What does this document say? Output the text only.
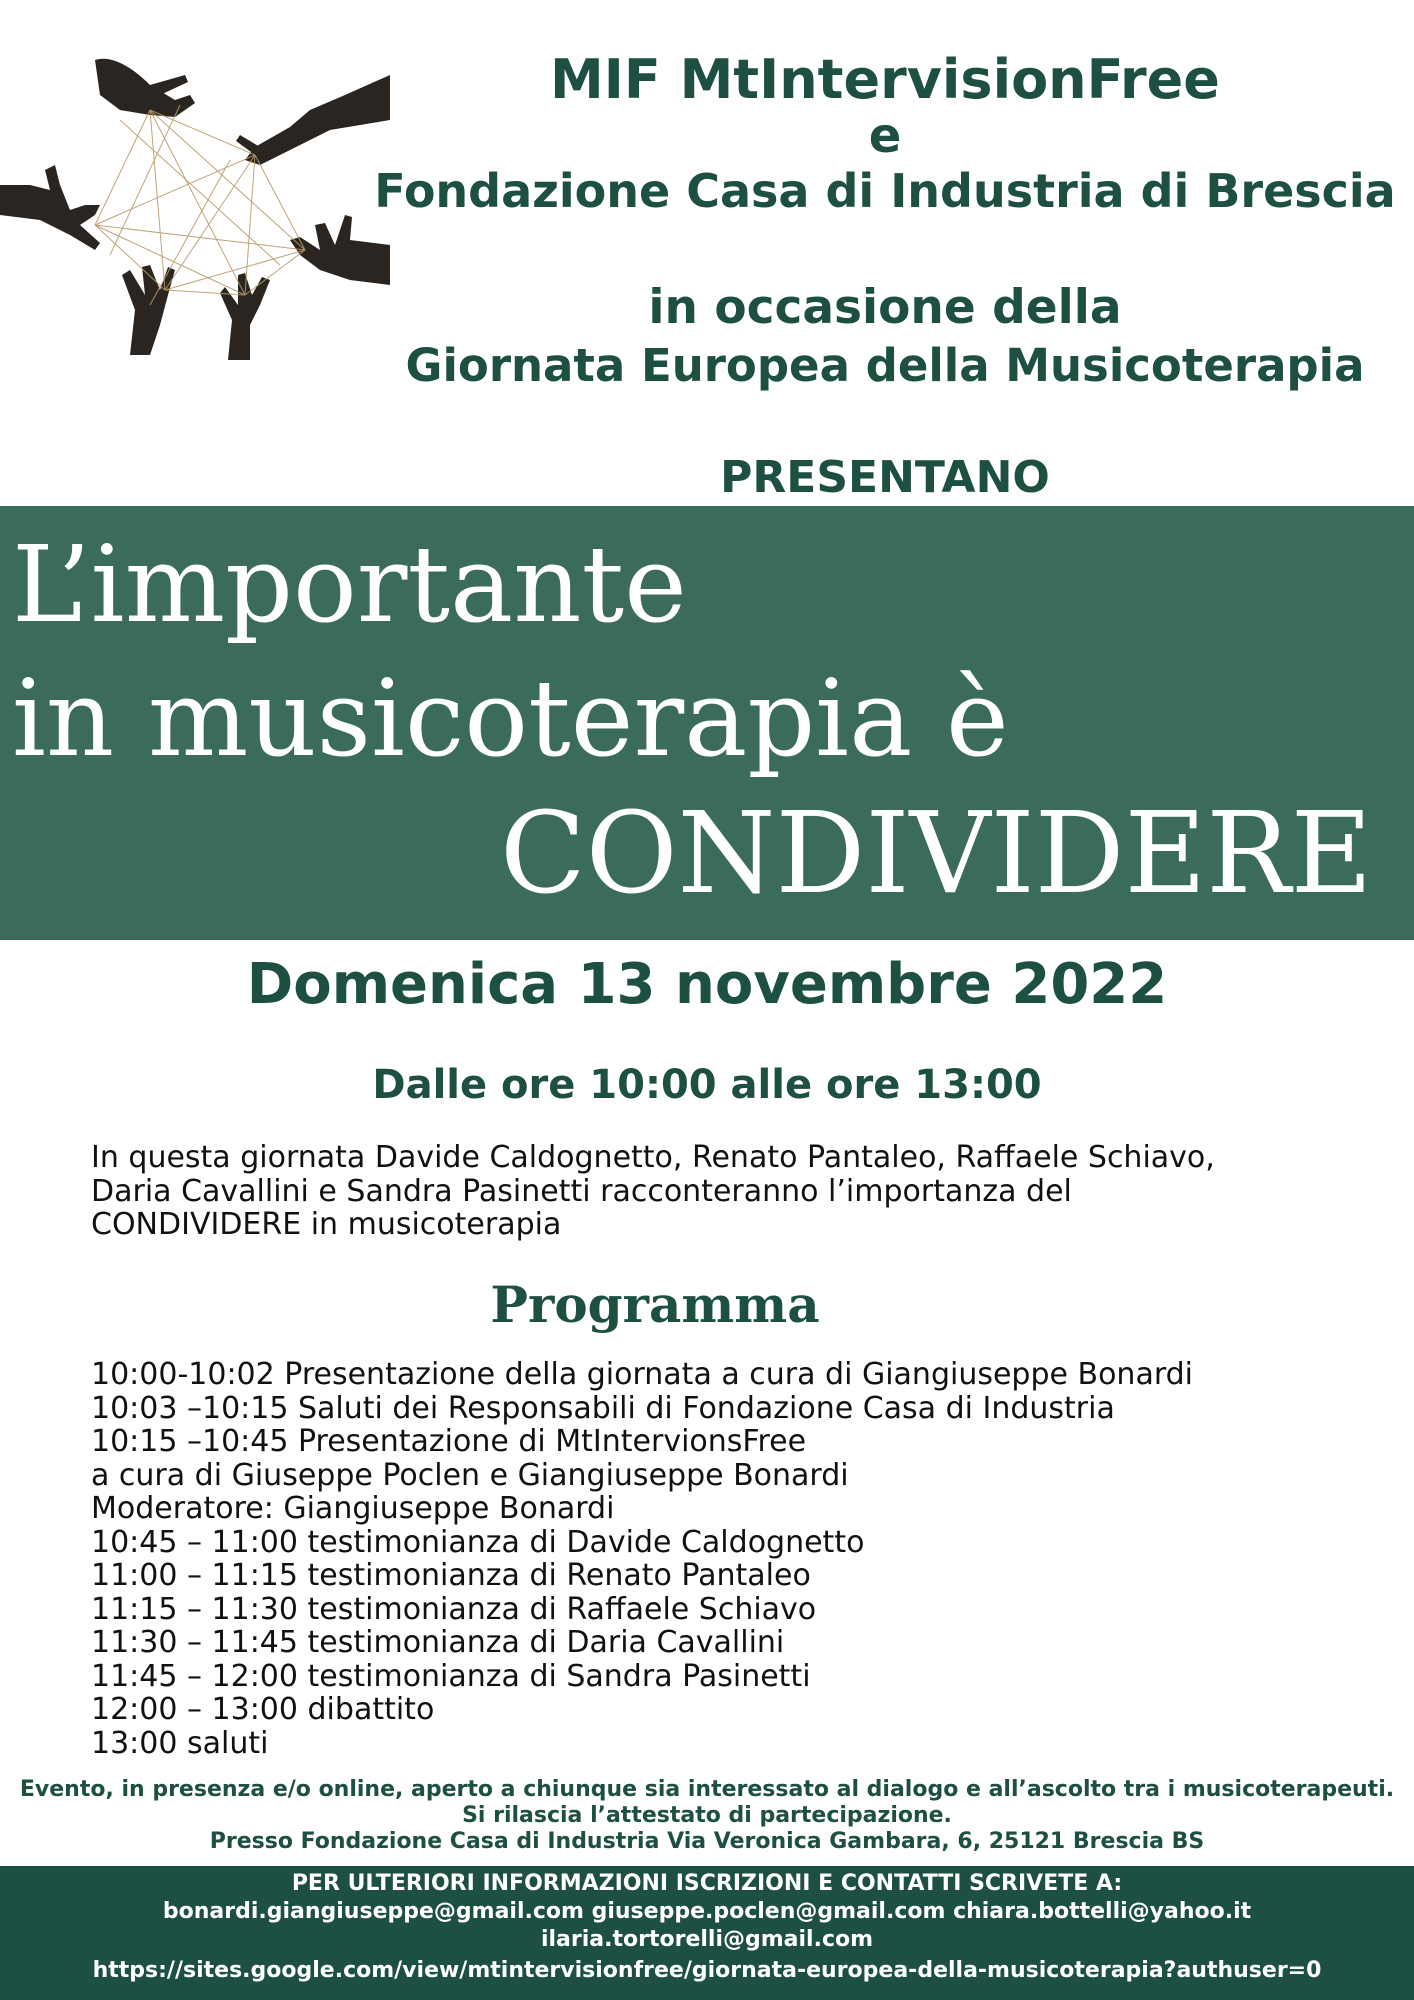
MIF MtIntervisionFree
e
Fondazione Casa di Industria di Brescia
in occasione della
Giornata Europea della Musicoterapia
PRESENTANO
L’importante
in musicoterapia è
CONDIVIDERE
Domenica 13 novembre 2022
Dalle ore 10:00 alle ore 13:00
In questa giornata Davide Caldognetto, Renato Pantaleo, Raffaele Schiavo,
Daria Cavallini e Sandra Pasinetti racconteranno l’importanza del
CONDIVIDERE in musicoterapia
Programma
10:00-10:02 Presentazione della giornata a cura di Giangiuseppe Bonardi
10:03 –10:15 Saluti dei Responsabili di Fondazione Casa di Industria
10:15 –10:45 Presentazione di MtIntervionsFree
a cura di Giuseppe Poclen e Giangiuseppe Bonardi
Moderatore: Giangiuseppe Bonardi
10:45 – 11:00 testimonianza di Davide Caldognetto
11:00 – 11:15 testimonianza di Renato Pantaleo
11:15 – 11:30 testimonianza di Raffaele Schiavo
11:30 – 11:45 testimonianza di Daria Cavallini
11:45 – 12:00 testimonianza di Sandra Pasinetti
12:00 – 13:00 dibattito
13:00 saluti
Evento, in presenza e/o online, aperto a chiunque sia interessato al dialogo e all’ascolto tra i musicoterapeuti.
Si rilascia l’attestato di partecipazione.
Presso Fondazione Casa di Industria Via Veronica Gambara, 6, 25121 Brescia BS
PER ULTERIORI INFORMAZIONI ISCRIZIONI E CONTATTI SCRIVETE A:
bonardi.giangiuseppe@gmail.com giuseppe.poclen@gmail.com chiara.bottelli@yahoo.it
ilaria.tortorelli@gmail.com
https://sites.google.com/view/mtintervisionfree/giornata-europea-della-musicoterapia?authuser=0
